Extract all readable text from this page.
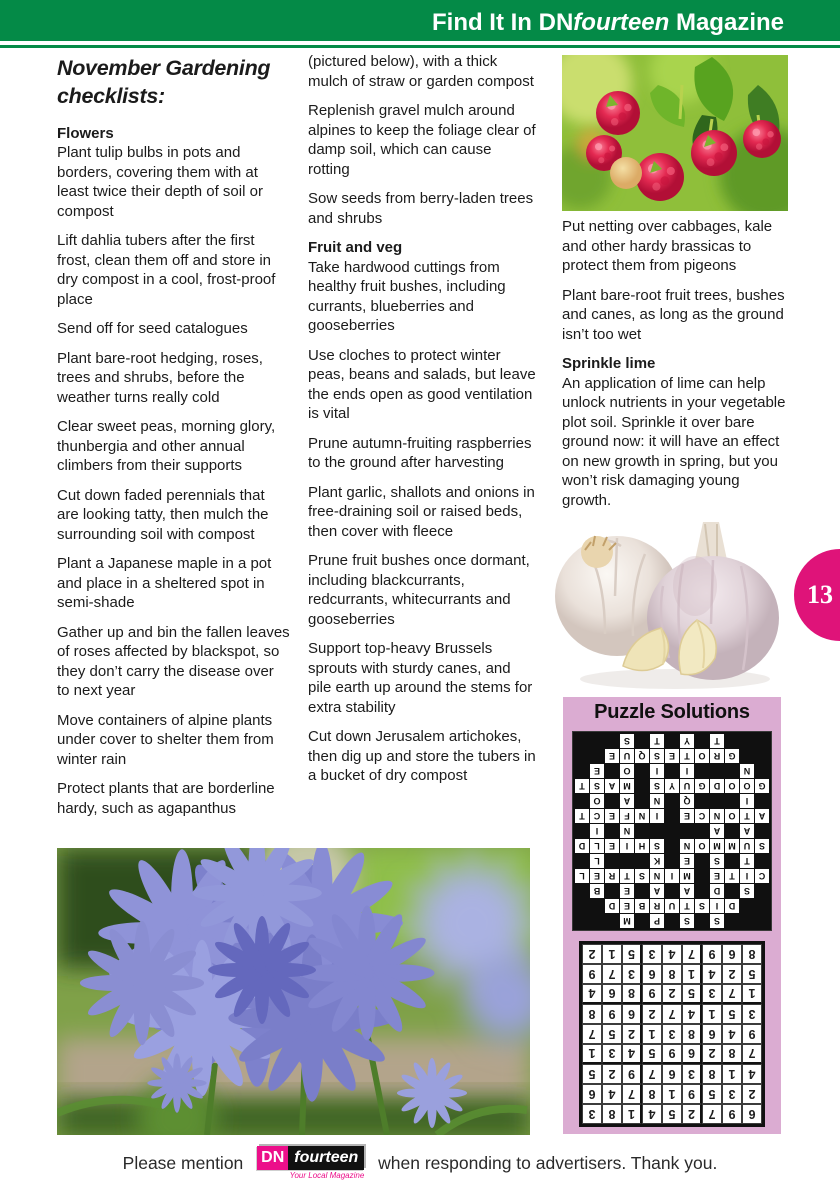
Find It In DNfourteen Magazine
November Gardening checklists:
Flowers
Plant tulip bulbs in pots and borders, covering them with at least twice their depth of soil or compost
Lift dahlia tubers after the first frost, clean them off and store in dry compost in a cool, frost-proof place
Send off for seed catalogues
Plant bare-root hedging, roses, trees and shrubs, before the weather turns really cold
Clear sweet peas, morning glory, thunbergia and other annual climbers from their supports
Cut down faded perennials that are looking tatty, then mulch the surrounding soil with compost
Plant a Japanese maple in a pot and place in a sheltered spot in semi-shade
Gather up and bin the fallen leaves of roses affected by blackspot, so they don’t carry the disease over to next year
Move containers of alpine plants under cover to shelter them from winter rain
Protect plants that are borderline hardy, such as agapanthus
(pictured below), with a thick mulch of straw or garden compost
Replenish gravel mulch around alpines to keep the foliage clear of damp soil, which can cause rotting
Sow seeds from berry-laden trees and shrubs
Fruit and veg
Take hardwood cuttings from healthy fruit bushes, including currants, blueberries and gooseberries
Use cloches to protect winter peas, beans and salads, but leave the ends open as good ventilation is vital
Prune autumn-fruiting raspberries to the ground after harvesting
Plant garlic, shallots and onions in free-draining soil or raised beds, then cover with fleece
Prune fruit bushes once dormant, including blackcurrants, redcurrants, whitecurrants and gooseberries
Support top-heavy Brussels sprouts with sturdy canes, and pile earth up around the stems for extra stability
Cut down Jerusalem artichokes, then dig up and store the tubers in a bucket of dry compost
Put netting over cabbages, kale and other hardy brassicas to protect them from pigeons
Plant bare-root fruit trees, bushes and canes, as long as the ground isn’t too wet
Sprinkle lime
An application of lime can help unlock nutrients in your vegetable plot soil. Sprinkle it over bare ground now: it will have an effect on new growth in spring, but you won’t risk damaging young growth.
13
Puzzle Solutions
S
S
P
M
D
I
S
T
U
R
B
E
D
S
D
A
A
E
B
C
I
T
E
M
I
N
S
T
R
E
L
T
S
E
K
L
S
U
M
M
O
N
S
H
I
E
L
D
A
A
N
I
A
T
O
N
C
E
I
N
F
E
C
T
I
Q
N
A
O
G
O
O
D
G
U
Y
S
M
A
S
T
N
I
I
O
E
G
R
O
T
E
S
Q
U
E
T
Y
T
S
6
9
7
2
5
4
1
8
3
2
3
5
9
1
8
7
4
6
4
1
8
3
6
7
9
2
5
7
8
2
6
9
5
4
3
1
9
4
6
8
3
1
2
5
7
3
5
1
4
7
2
6
9
8
1
7
3
5
2
9
8
6
4
5
2
4
1
8
6
3
7
9
8
6
9
7
4
3
5
1
2
Please mention DN fourteen
Your Local Magazine
when responding to advertisers. Thank you.
